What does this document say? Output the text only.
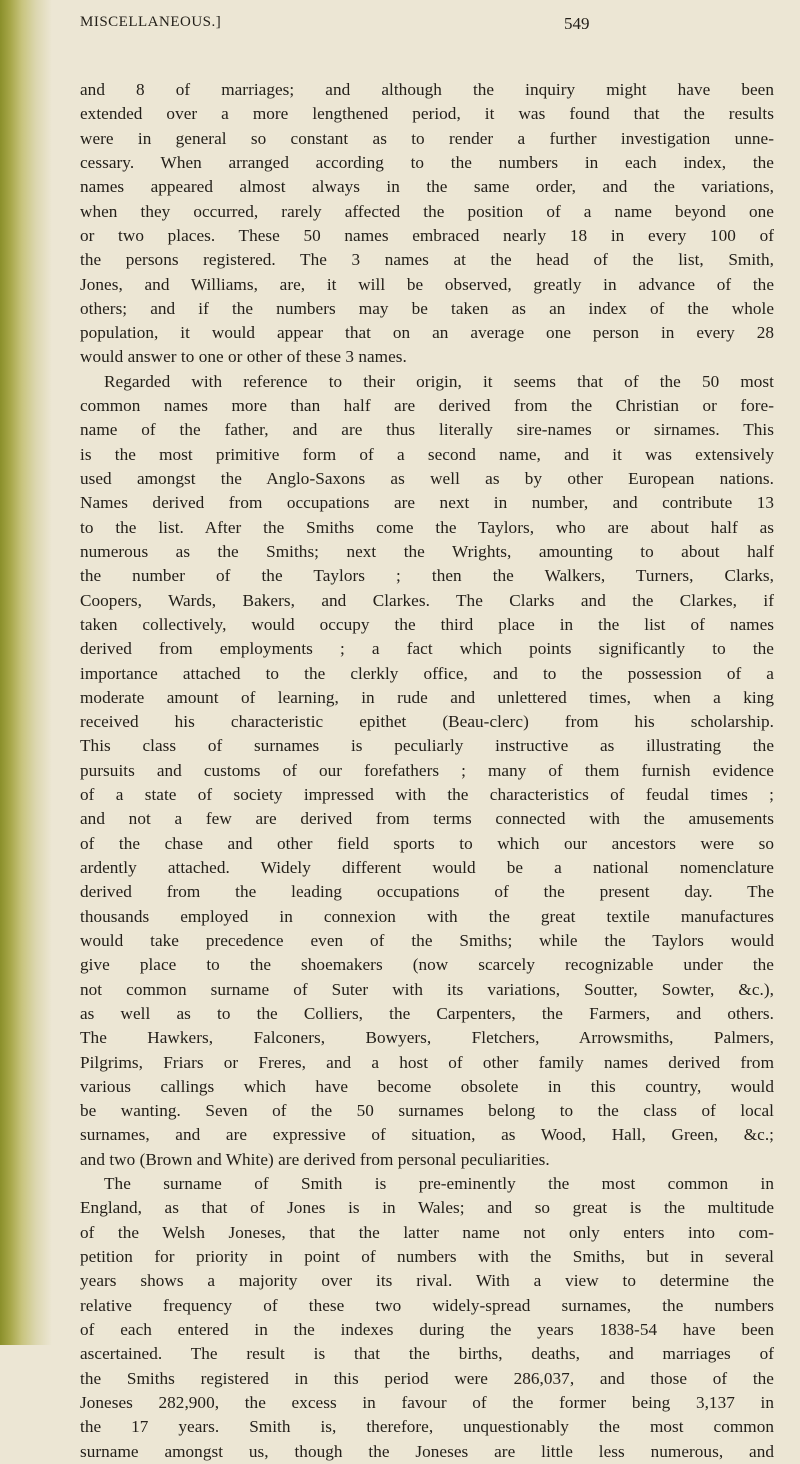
MISCELLANEOUS.]	549
and 8 of marriages; and although the inquiry might have been
extended over a more lengthened period, it was found that the results
were in general so constant as to render a further investigation unne-
cessary. When arranged according to the numbers in each index, the
names appeared almost always in the same order, and the variations,
when they occurred, rarely affected the position of a name beyond one
or two places. These 50 names embraced nearly 18 in every 100 of
the persons registered. The 3 names at the head of the list, Smith,
Jones, and Williams, are, it will be observed, greatly in advance of the
others; and if the numbers may be taken as an index of the whole
population, it would appear that on an average one person in every 28
would answer to one or other of these 3 names.
Regarded with reference to their origin, it seems that of the 50 most
common names more than half are derived from the Christian or fore-
name of the father, and are thus literally sire-names or sirnames. This
is the most primitive form of a second name, and it was extensively
used amongst the Anglo-Saxons as well as by other European nations.
Names derived from occupations are next in number, and contribute 13
to the list. After the Smiths come the Taylors, who are about half as
numerous as the Smiths; next the Wrights, amounting to about half
the number of the Taylors ; then the Walkers, Turners, Clarks,
Coopers, Wards, Bakers, and Clarkes. The Clarks and the Clarkes, if
taken collectively, would occupy the third place in the list of names
derived from employments ; a fact which points significantly to the
importance attached to the clerkly office, and to the possession of a
moderate amount of learning, in rude and unlettered times, when a king
received his characteristic epithet (Beau-clerc) from his scholarship.
This class of surnames is peculiarly instructive as illustrating the
pursuits and customs of our forefathers ; many of them furnish evidence
of a state of society impressed with the characteristics of feudal times ;
and not a few are derived from terms connected with the amusements
of the chase and other field sports to which our ancestors were so
ardently attached. Widely different would be a national nomenclature
derived from the leading occupations of the present day. The
thousands employed in connexion with the great textile manufactures
would take precedence even of the Smiths; while the Taylors would
give place to the shoemakers (now scarcely recognizable under the
not common surname of Suter with its variations, Soutter, Sowter, &c.),
as well as to the Colliers, the Carpenters, the Farmers, and others.
The Hawkers, Falconers, Bowyers, Fletchers, Arrowsmiths, Palmers,
Pilgrims, Friars or Freres, and a host of other family names derived from
various callings which have become obsolete in this country, would
be wanting. Seven of the 50 surnames belong to the class of local
surnames, and are expressive of situation, as Wood, Hall, Green, &c.;
and two (Brown and White) are derived from personal peculiarities.
The surname of Smith is pre-eminently the most common in
England, as that of Jones is in Wales; and so great is the multitude
of the Welsh Joneses, that the latter name not only enters into com-
petition for priority in point of numbers with the Smiths, but in several
years shows a majority over its rival. With a view to determine the
relative frequency of these two widely-spread surnames, the numbers
of each entered in the indexes during the years 1838-54 have been
ascertained. The result is that the births, deaths, and marriages of
the Smiths registered in this period were 286,037, and those of the
Joneses 282,900, the excess in favour of the former being 3,137 in
the 17 years. Smith is, therefore, unquestionably the most common
surname amongst us, though the Joneses are little less numerous, and
